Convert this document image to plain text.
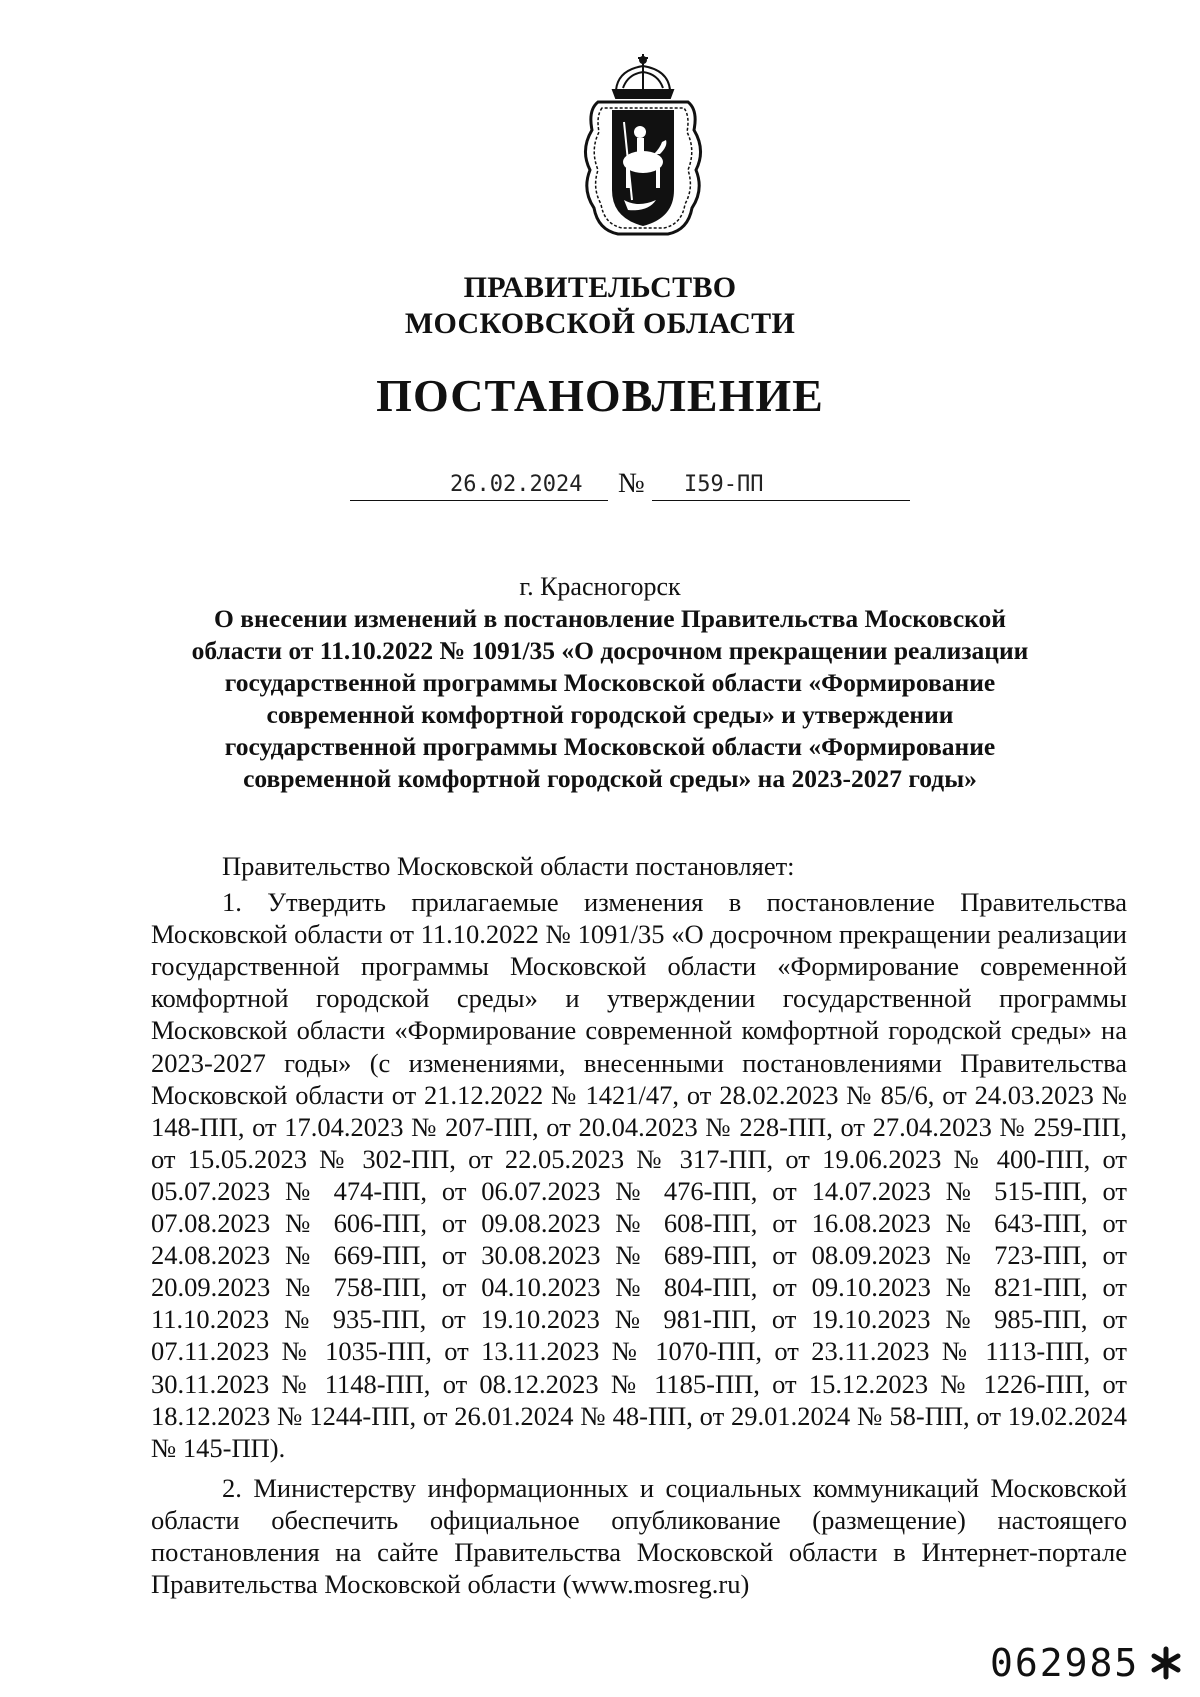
ПРАВИТЕЛЬСТВО
МОСКОВСКОЙ ОБЛАСТИ
ПОСТАНОВЛЕНИЕ
26.02.2024 № I59-ПП
г. Красногорск
О внесении изменений в постановление Правительства Московской
области от 11.10.2022 № 1091/35 «О досрочном прекращении реализации
государственной программы Московской области «Формирование
современной комфортной городской среды» и утверждении
государственной программы Московской области «Формирование
современной комфортной городской среды» на 2023-2027 годы»

Правительство Московской области постановляет:

1. Утвердить прилагаемые изменения в постановление Правительства Московской области от 11.10.2022 № 1091/35 «О досрочном прекращении реализации государственной программы Московской области «Формирование современной комфортной городской среды» и утверждении государственной программы Московской области «Формирование современной комфортной городской среды» на 2023-2027 годы» (с изменениями, внесенными постановлениями Правительства Московской области от 21.12.2022 № 1421/47, от 28.02.2023 № 85/6, от 24.03.2023 № 148-ПП, от 17.04.2023 № 207-ПП, от 20.04.2023 № 228-ПП, от 27.04.2023 № 259-ПП, от 15.05.2023 № 302-ПП, от 22.05.2023 № 317-ПП, от 19.06.2023 № 400-ПП, от 05.07.2023 № 474-ПП, от 06.07.2023 № 476-ПП, от 14.07.2023 № 515-ПП, от 07.08.2023 № 606-ПП, от 09.08.2023 № 608-ПП, от 16.08.2023 № 643-ПП, от 24.08.2023 № 669-ПП, от 30.08.2023 № 689-ПП, от 08.09.2023 № 723-ПП, от 20.09.2023 № 758-ПП, от 04.10.2023 № 804-ПП, от 09.10.2023 № 821-ПП, от 11.10.2023 № 935-ПП, от 19.10.2023 № 981-ПП, от 19.10.2023 № 985-ПП, от 07.11.2023 № 1035-ПП, от 13.11.2023 № 1070-ПП, от 23.11.2023 № 1113-ПП, от 30.11.2023 № 1148-ПП, от 08.12.2023 № 1185-ПП, от 15.12.2023 № 1226-ПП, от 18.12.2023 № 1244-ПП, от 26.01.2024 № 48-ПП, от 29.01.2024 № 58-ПП, от 19.02.2024 № 145-ПП).

2. Министерству информационных и социальных коммуникаций Московской области обеспечить официальное опубликование (размещение) настоящего постановления на сайте Правительства Московской области в Интернет-портале Правительства Московской области (www.mosreg.ru)

062985
